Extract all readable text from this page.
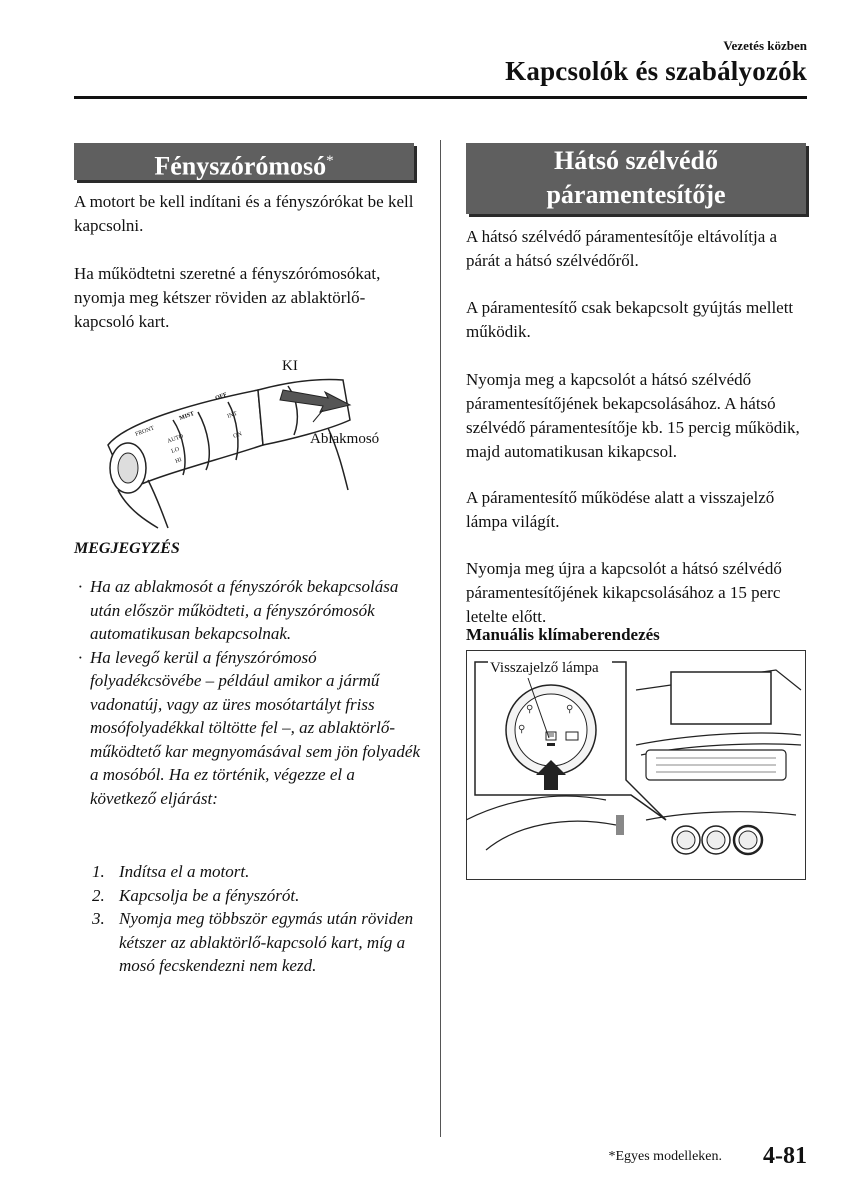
Vezetés közben
Kapcsolók és szabályozók
Fényszórómosó*

A motort be kell indítani és a fényszórókat be kell kapcsolni.

Ha működtetni szeretné a fényszórómosókat, nyomja meg kétszer röviden az ablaktörlő-kapcsoló kart.

FRONT
MIST
OFF
AUTO
LO
HI
INT
ON
KI
Ablakmosó
MEGJEGYZÉS
· Ha az ablakmosót a fényszórók bekapcsolása után először működteti, a fényszórómosók automatikusan bekapcsolnak.
· Ha levegő kerül a fényszórómosó folyadékcsövébe – például amikor a jármű vadonatúj, vagy az üres mosótartályt friss mosófolyadékkal töltötte fel –, az ablaktörlő-működtető kar megnyomásával sem jön folyadék a mosóból. Ha ez történik, végezze el a következő eljárást:
1. Indítsa el a motort.
2. Kapcsolja be a fényszórót.
3. Nyomja meg többször egymás után röviden kétszer az ablaktörlő-kapcsoló kart, míg a mosó fecskendezni nem kezd.
Hátsó szélvédő
páramentesítője

A hátsó szélvédő páramentesítője eltávolítja a párát a hátsó szélvédőről.

A páramentesítő csak bekapcsolt gyújtás mellett működik.

Nyomja meg a kapcsolót a hátsó szélvédő páramentesítőjének bekapcsolásához. A hátsó szélvédő páramentesítője kb. 15 percig működik, majd automatikusan kikapcsol.

A páramentesítő működése alatt a visszajelző lámpa világít.

Nyomja meg újra a kapcsolót a hátsó szélvédő páramentesítőjének kikapcsolásához a 15 perc letelte előtt.

Manuális klímaberendezés
⚲	⚲
⚲
Visszajelző lámpa
*Egyes modelleken. 4-81
